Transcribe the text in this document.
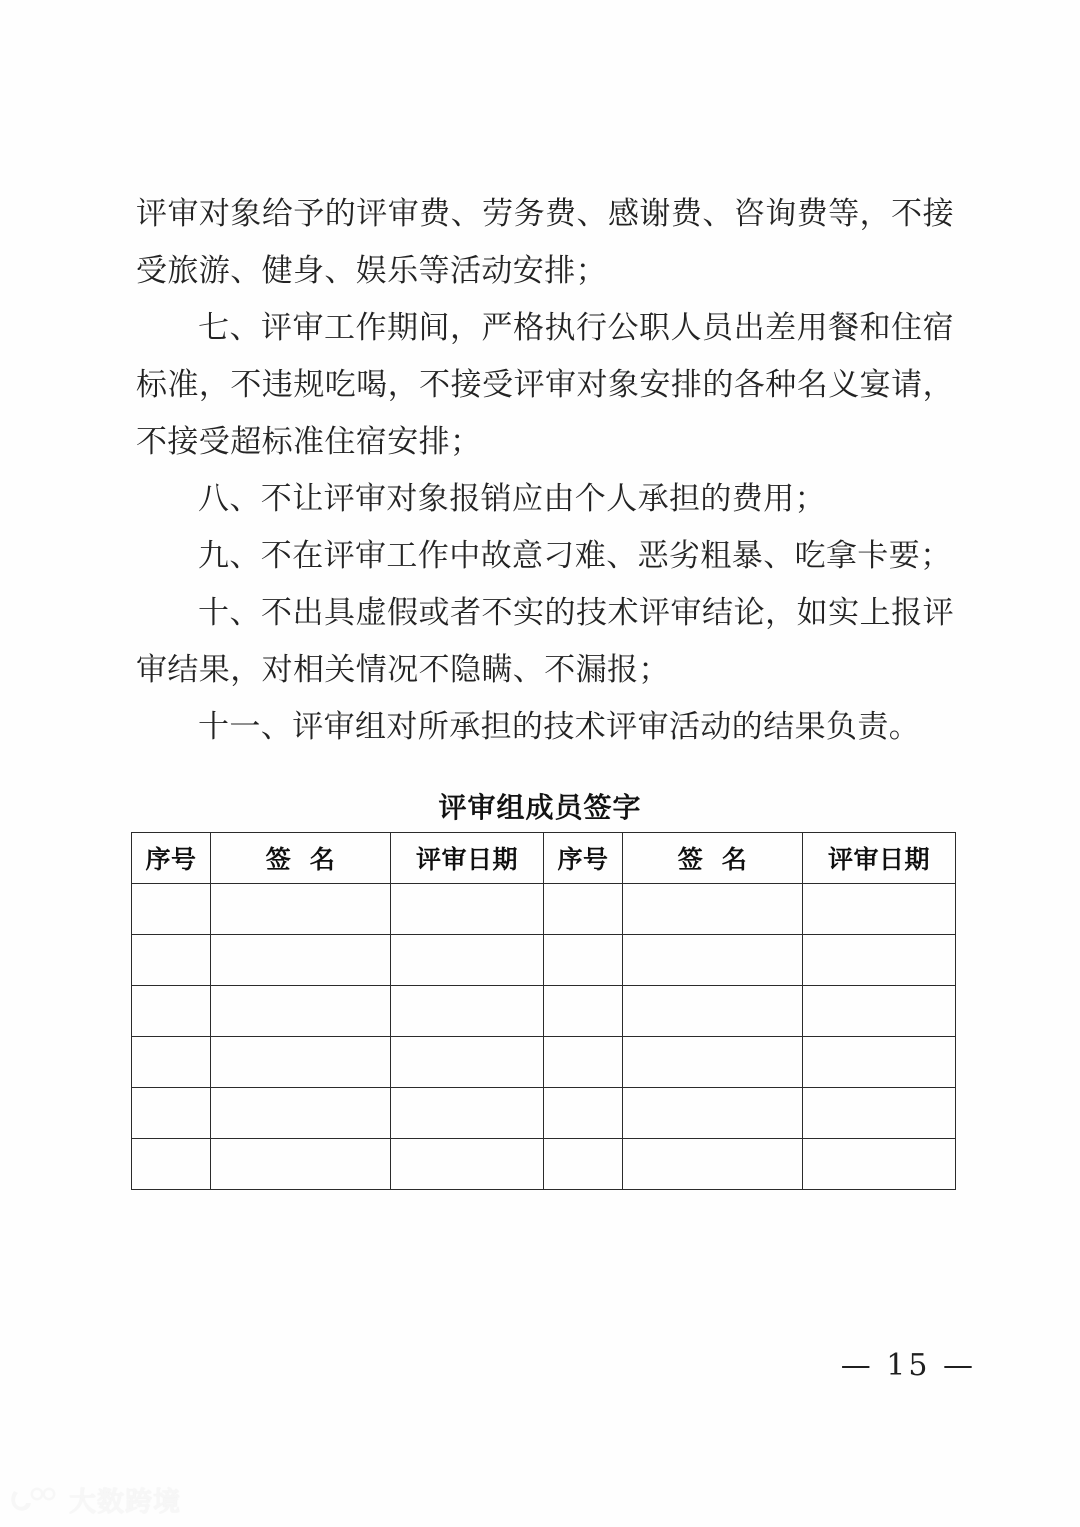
评审对象给予的评审费、劳务费、感谢费、咨询费等，不接受旅游、健身、娱乐等活动安排；

七、评审工作期间，严格执行公职人员出差用餐和住宿标准，不违规吃喝，不接受评审对象安排的各种名义宴请，不接受超标准住宿安排；

八、不让评审对象报销应由个人承担的费用；

九、不在评审工作中故意刁难、恶劣粗暴、吃拿卡要；

十、不出具虚假或者不实的技术评审结论，如实上报评审结果，对相关情况不隐瞒、不漏报；

十一、评审组对所承担的技术评审活动的结果负责。

评审组成员签字
序号	签  名	评审日期	序号	签  名	评审日期

— 15 —
大数跨境
